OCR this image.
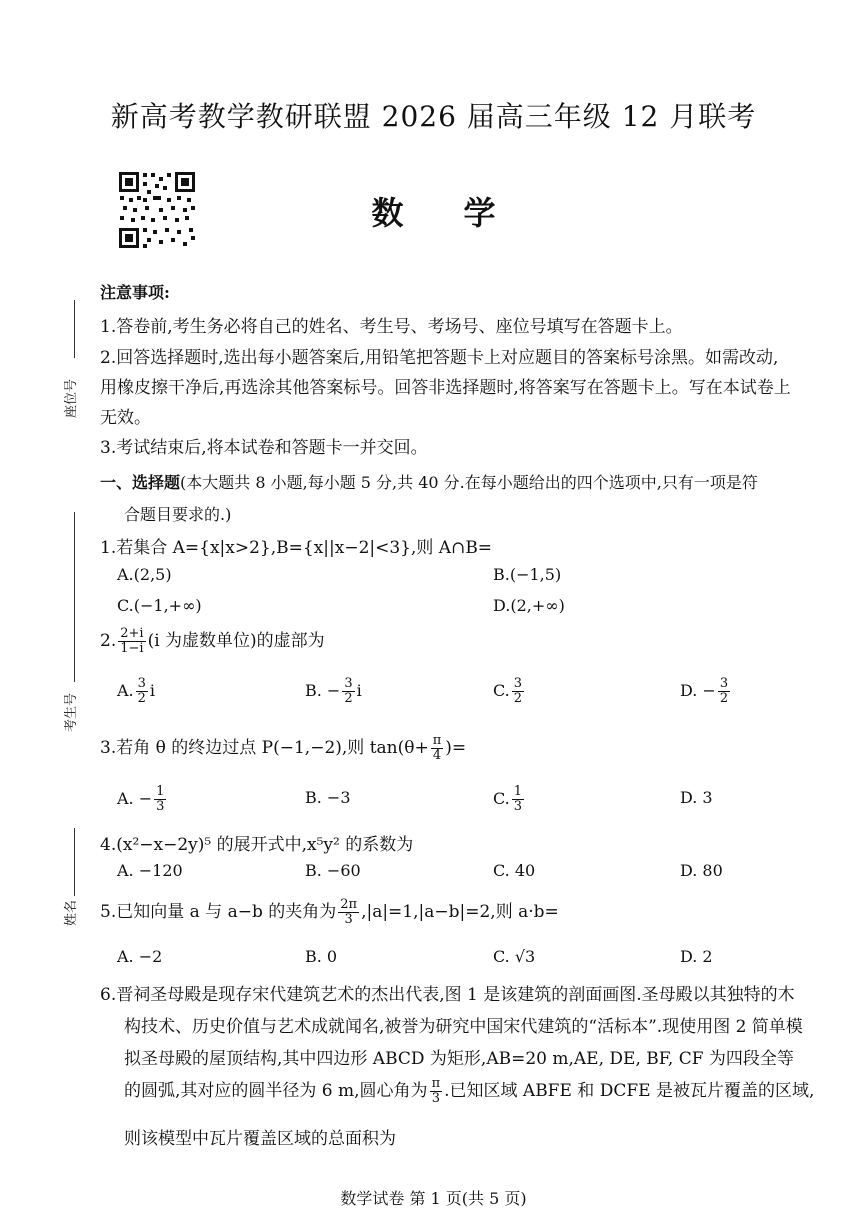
新高考教学教研联盟 2026 届高三年级 12 月联考
数学
座位号
考生号
姓名
注意事项:
1.答卷前,考生务必将自己的姓名、考生号、考场号、座位号填写在答题卡上。
2.回答选择题时,选出每小题答案后,用铅笔把答题卡上对应题目的答案标号涂黑。如需改动,
用橡皮擦干净后,再选涂其他答案标号。回答非选择题时,将答案写在答题卡上。写在本试卷上
无效。
3.考试结束后,将本试卷和答题卡一并交回。
一、选择题(本大题共 8 小题,每小题 5 分,共 40 分.在每小题给出的四个选项中,只有一项是符
合题目要求的.)
1.若集合 A={x|x>2},B={x||x−2|<3},则 A∩B=
A.(2,5)	B.(−1,5)
C.(−1,+∞)	D.(2,+∞)
2. $\frac{2+i}{1-i} (i$ 为虚数单位)的虚部为
A. $\frac{3}{2}$ i	B. − $\frac{3}{2}$ i	C. $\frac{3}{2}$	D. − $\frac{3}{2}$
3.若角 θ 的终边过点 P(−1,−2),则 $\tan(\theta+ \frac{\pi}{4}$ )=
A. − $\frac{1}{3}$	B. −3	C. $\frac{1}{3}$	D. 3
4.(x²−x−2y)⁵ 的展开式中,x⁵y² 的系数为
A. −120	B. −60	C. 40	D. 80
5.已知向量 a 与 a−b 的夹角为 $\frac{2\pi}{3} ,|a|=1,|a-b|=2$,则 a·b=
A. −2	B. 0	C. √3	D. 2
6.晋祠圣母殿是现存宋代建筑艺术的杰出代表,图 1 是该建筑的剖面画图.圣母殿以其独特的木
构技术、历史价值与艺术成就闻名,被誉为研究中国宋代建筑的“活标本”.现使用图 2 简单模
拟圣母殿的屋顶结构,其中四边形 ABCD 为矩形,AB=20 m,AE, DE, BF, CF 为四段全等
的圆弧,其对应的圆半径为 6 m,圆心角为 $\frac{\pi}{3}$ .已知区域 ABFE 和 DCFE 是被瓦片覆盖的区域,
则该模型中瓦片覆盖区域的总面积为
数学试卷 第 1 页(共 5 页)
